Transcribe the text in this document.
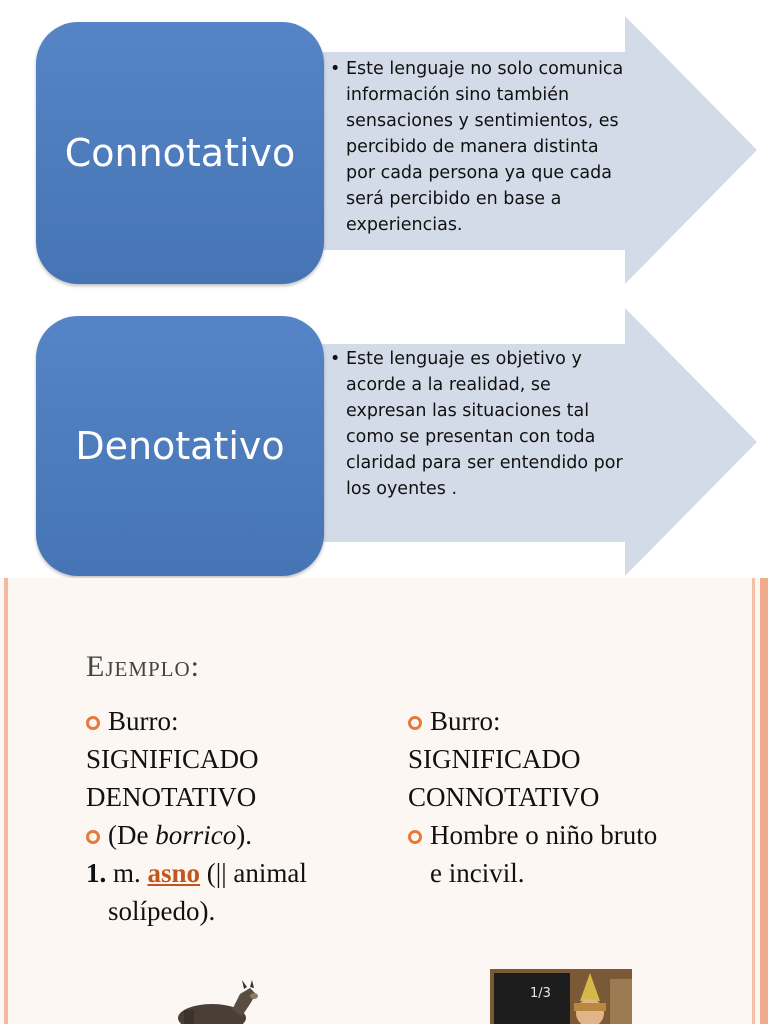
Connotativo
• Este lenguaje no solo comunica
información sino también
sensaciones y sentimientos, es
percibido de manera distinta
por cada persona ya que cada
será percibido en base a
experiencias.
Denotativo
• Este lenguaje es objetivo y
acorde a la realidad, se
expresan las situaciones tal
como se presentan con toda
claridad para ser entendido por
los oyentes .
Ejemplo:
Burro:
SIGNIFICADO
DENOTATIVO
(De borrico).
1. m. asno (|| animal
solípedo).
Burro:
SIGNIFICADO
CONNOTATIVO
Hombre o niño bruto
e incivil.
1/3
